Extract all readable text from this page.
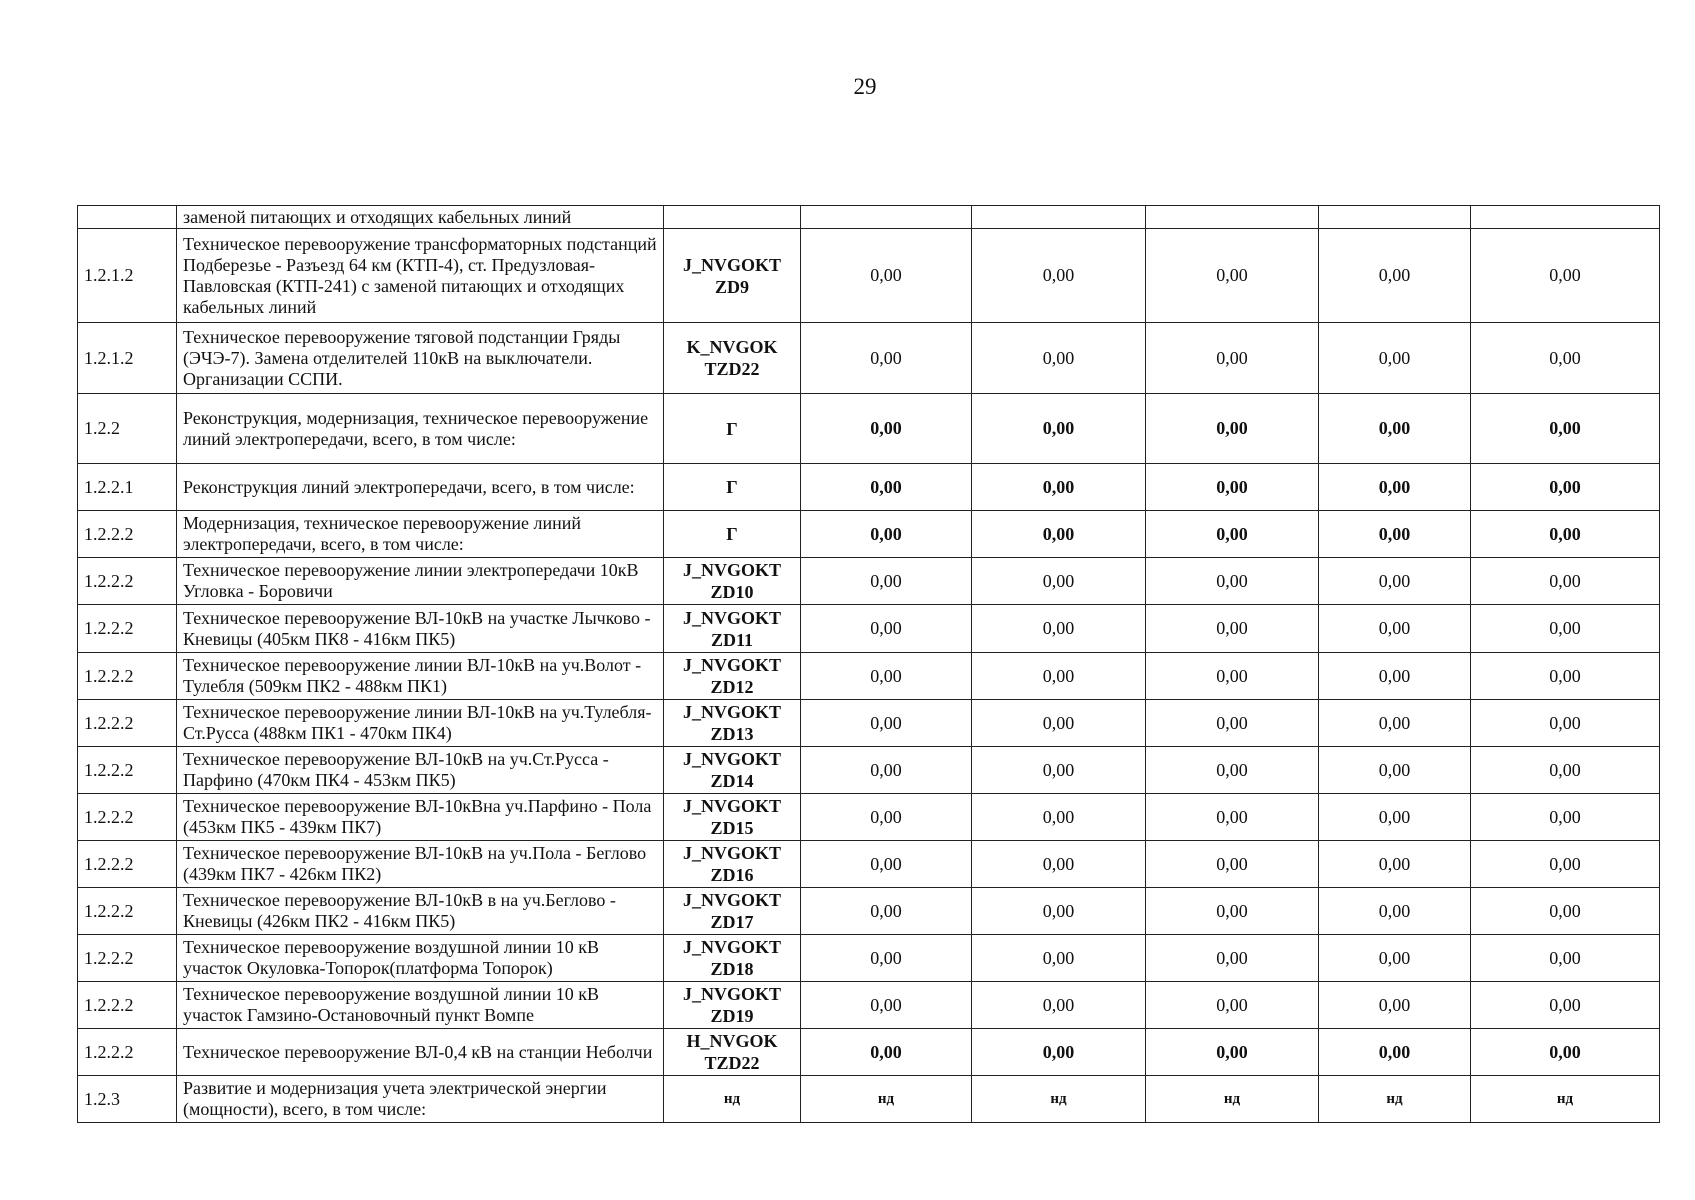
29
	заменой питающих и отходящих кабельных линий						
1.2.1.2	Техническое перевооружение трансформаторных подстанций Подберезье - Разъезд 64 км (КТП-4), ст. Предузловая-Павловская (КТП-241) с заменой питающих и отходящих кабельных линий	J_NVGOKT ZD9	0,00	0,00	0,00	0,00	0,00
1.2.1.2	Техническое перевооружение тяговой подстанции Гряды (ЭЧЭ-7). Замена отделителей 110кВ на выключатели. Организации ССПИ.	K_NVGOK TZD22	0,00	0,00	0,00	0,00	0,00
1.2.2	Реконструкция, модернизация, техническое перевооружение линий электропередачи, всего, в том числе:	Г	0,00	0,00	0,00	0,00	0,00
1.2.2.1	Реконструкция линий электропередачи, всего, в том числе:	Г	0,00	0,00	0,00	0,00	0,00
1.2.2.2	Модернизация, техническое перевооружение линий электропередачи, всего, в том числе:	Г	0,00	0,00	0,00	0,00	0,00
1.2.2.2	Техническое перевооружение линии электропередачи 10кВ Угловка - Боровичи	J_NVGOKT ZD10	0,00	0,00	0,00	0,00	0,00
1.2.2.2	Техническое перевооружение ВЛ-10кВ на участке Лычково - Кневицы (405км ПК8 - 416км ПК5)	J_NVGOKT ZD11	0,00	0,00	0,00	0,00	0,00
1.2.2.2	Техническое перевооружение линии ВЛ-10кВ на уч.Волот - Тулебля (509км ПК2 - 488км ПК1)	J_NVGOKT ZD12	0,00	0,00	0,00	0,00	0,00
1.2.2.2	Техническое перевооружение линии ВЛ-10кВ на уч.Тулебля- Ст.Русса (488км ПК1 - 470км ПК4)	J_NVGOKT ZD13	0,00	0,00	0,00	0,00	0,00
1.2.2.2	Техническое перевооружение ВЛ-10кВ на уч.Ст.Русса - Парфино (470км ПК4 - 453км ПК5)	J_NVGOKT ZD14	0,00	0,00	0,00	0,00	0,00
1.2.2.2	Техническое перевооружение ВЛ-10кВна уч.Парфино - Пола (453км ПК5 - 439км ПК7)	J_NVGOKT ZD15	0,00	0,00	0,00	0,00	0,00
1.2.2.2	Техническое перевооружение ВЛ-10кВ на уч.Пола - Беглово (439км ПК7 - 426км ПК2)	J_NVGOKT ZD16	0,00	0,00	0,00	0,00	0,00
1.2.2.2	Техническое перевооружение ВЛ-10кВ в на уч.Беглово - Кневицы (426км ПК2 - 416км ПК5)	J_NVGOKT ZD17	0,00	0,00	0,00	0,00	0,00
1.2.2.2	Техническое перевооружение воздушной линии 10 кВ участок Окуловка-Топорок(платформа Топорок)	J_NVGOKT ZD18	0,00	0,00	0,00	0,00	0,00
1.2.2.2	Техническое перевооружение воздушной линии 10 кВ участок Гамзино-Остановочный пункт Вомпе	J_NVGOKT ZD19	0,00	0,00	0,00	0,00	0,00
1.2.2.2	Техническое перевооружение ВЛ-0,4 кВ на станции Неболчи	H_NVGOK TZD22	0,00	0,00	0,00	0,00	0,00
1.2.3	Развитие и модернизация учета электрической энергии (мощности), всего, в том числе:	нд	нд	нд	нд	нд	нд
